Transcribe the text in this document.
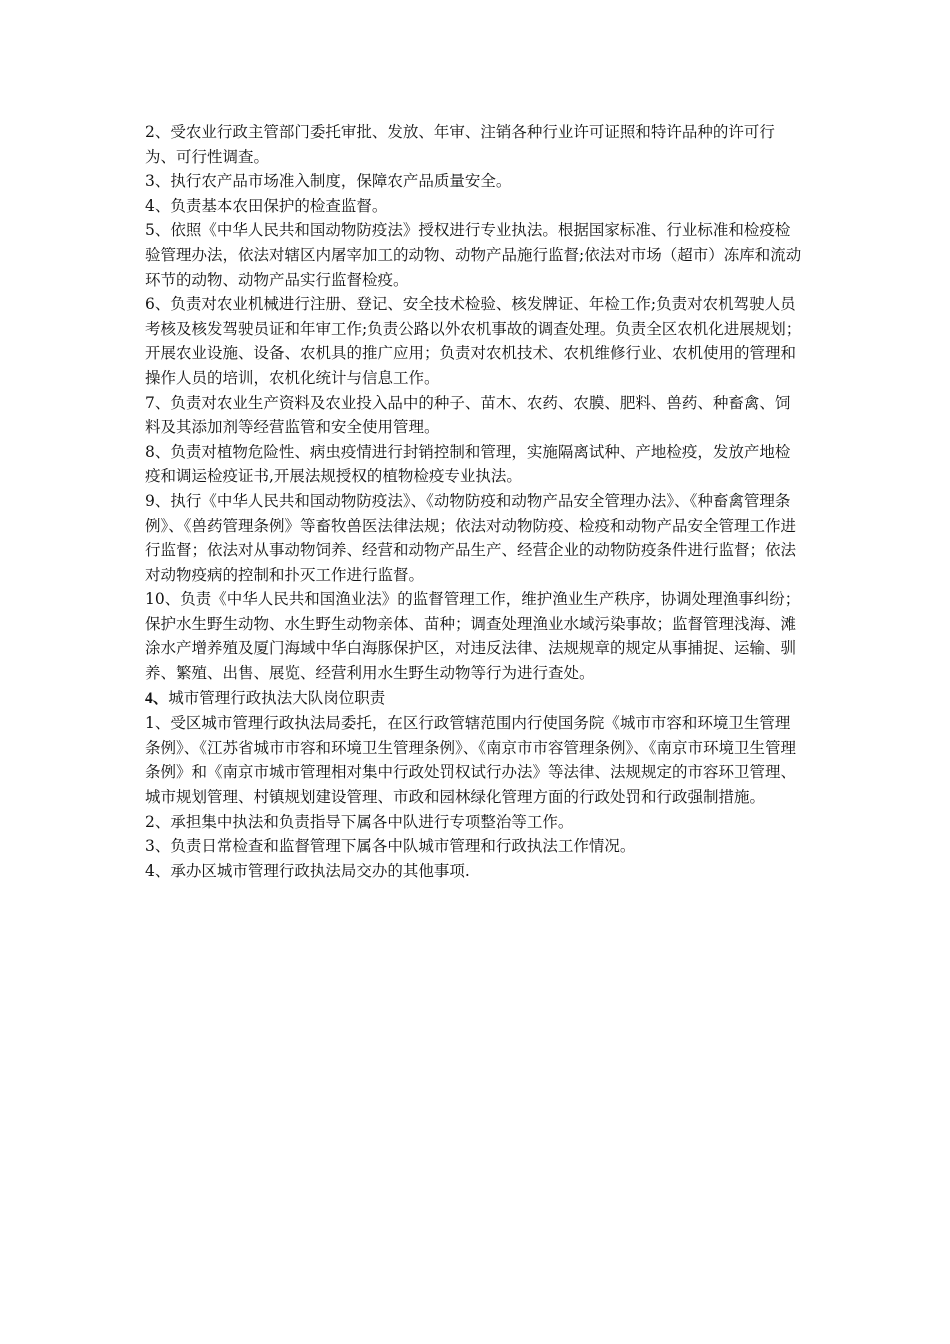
2、受农业行政主管部门委托审批、发放、年审、注销各种行业许可证照和特许品种的许可行为、可行性调查。

3、执行农产品市场准入制度，保障农产品质量安全。

4、负责基本农田保护的检查监督。

5、依照《中华人民共和国动物防疫法》授权进行专业执法。根据国家标准、行业标准和检疫检验管理办法，依法对辖区内屠宰加工的动物、动物产品施行监督;依法对市场（超市）冻库和流动环节的动物、动物产品实行监督检疫。

6、负责对农业机械进行注册、登记、安全技术检验、核发牌证、年检工作;负责对农机驾驶人员考核及核发驾驶员证和年审工作;负责公路以外农机事故的调查处理。负责全区农机化进展规划；开展农业设施、设备、农机具的推广应用；负责对农机技术、农机维修行业、农机使用的管理和操作人员的培训，农机化统计与信息工作。

7、负责对农业生产资料及农业投入品中的种子、苗木、农药、农膜、肥料、兽药、种畜禽、饲料及其添加剂等经营监管和安全使用管理。

8、负责对植物危险性、病虫疫情进行封销控制和管理，实施隔离试种、产地检疫，发放产地检疫和调运检疫证书,开展法规授权的植物检疫专业执法。

9、执行《中华人民共和国动物防疫法》、《动物防疫和动物产品安全管理办法》、《种畜禽管理条例》、《兽药管理条例》等畜牧兽医法律法规；依法对动物防疫、检疫和动物产品安全管理工作进行监督；依法对从事动物饲养、经营和动物产品生产、经营企业的动物防疫条件进行监督；依法对动物疫病的控制和扑灭工作进行监督。

10、负责《中华人民共和国渔业法》的监督管理工作，维护渔业生产秩序，协调处理渔事纠纷；保护水生野生动物、水生野生动物亲体、苗种；调查处理渔业水域污染事故；监督管理浅海、滩涂水产增养殖及厦门海域中华白海豚保护区，对违反法律、法规规章的规定从事捕捉、运输、驯养、繁殖、出售、展览、经营利用水生野生动物等行为进行查处。

4、城市管理行政执法大队岗位职责

1、受区城市管理行政执法局委托，在区行政管辖范围内行使国务院《城市市容和环境卫生管理条例》、《江苏省城市市容和环境卫生管理条例》、《南京市市容管理条例》、《南京市环境卫生管理条例》和《南京市城市管理相对集中行政处罚权试行办法》等法律、法规规定的市容环卫管理、城市规划管理、村镇规划建设管理、市政和园林绿化管理方面的行政处罚和行政强制措施。

2、承担集中执法和负责指导下属各中队进行专项整治等工作。

3、负责日常检查和监督管理下属各中队城市管理和行政执法工作情况。

4、承办区城市管理行政执法局交办的其他事项.
